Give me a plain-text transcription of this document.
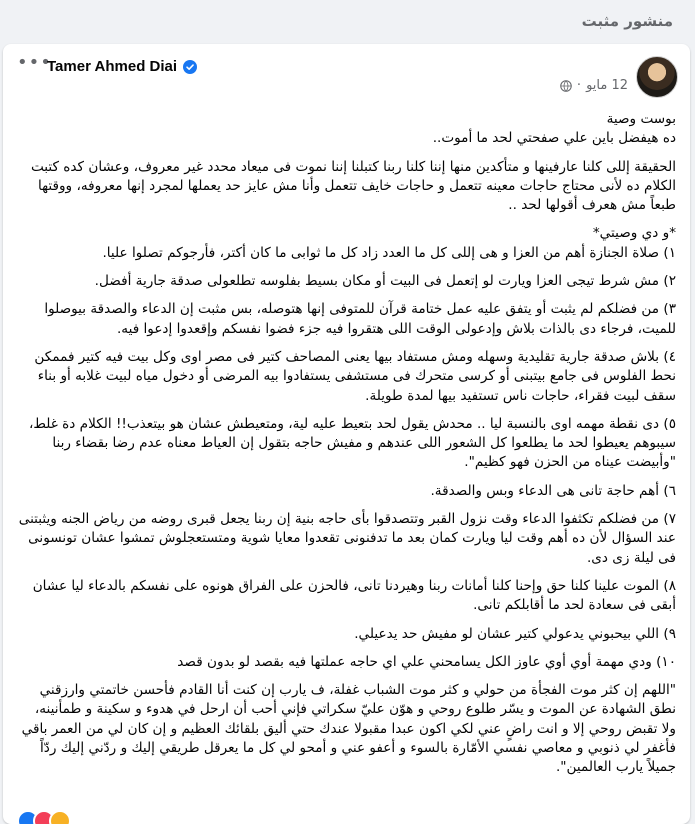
منشور مثبت
•••
Tamer Ahmed Diai
12 مايو
·

بوست وصية

ده هيفضل باين علي صفحتي لحد ما أموت..

الحقيقة إللى كلنا عارفينها و متأكدين منها إننا كلنا ربنا كتبلنا إننا نموت فى ميعاد محدد غير معروف، وعشان كده كتبت الكلام ده لأنى محتاج حاجات معينه تتعمل و حاجات خايف تتعمل وأنا مش عايز حد يعملها لمجرد إنها معروفه، ووقتها طبعاً مش هعرف أقولها لحد ..

*و دي وصيتي*

١) صلاة الجنازة أهم من العزا و هى إللى كل ما العدد زاد كل ما ثوابى ما كان أكتر، فأرجوكم تصلوا عليا.

٢) مش شرط تيجى العزا ويارت لو إتعمل فى البيت أو مكان بسيط بفلوسه تطلعولى صدقة جارية أفضل.

٣) من فضلكم لم يثبت أو يتفق عليه عمل ختامة قرآن للمتوفى إنها هتوصله، بس مثبت إن الدعاء والصدقة بيوصلوا للميت، فرجاء دى بالذات بلاش وإدعولى الوقت اللى هتقروا فيه جزء فضوا نفسكم وإقعدوا إدعوا فيه.

٤) بلاش صدقة جارية تقليدية وسهله ومش مستفاد بيها يعنى المصاحف كتير فى مصر اوى وكل بيت فيه كتير فممكن نحط الفلوس فى جامع بيتبنى أو كرسى متحرك فى مستشفى يستفادوا بيه المرضى أو دخول مياه لبيت غلابه أو بناء سقف لبيت فقراء، حاجات ناس تستفيد بيها لمدة طويلة.

٥) دى نقطة مهمه اوى بالنسبة ليا .. محدش يقول لحد بتعيط عليه لية، ومتعيطش عشان هو بيتعذب!! الكلام دة غلط، سيبوهم يعيطوا لحد ما يطلعوا كل الشعور اللى عندهم و مفيش حاجه بتقول إن العياط معناه عدم رضا بقضاء ربنا "وأبيضت عيناه من الحزن فهو كظيم".

٦) أهم حاجة تانى هى الدعاء وبس والصدقة.

٧) من فضلكم تكثفوا الدعاء وقت نزول القبر وتتصدقوا بأى حاجه بنية إن ربنا يجعل قبرى روضه من رياض الجنه ويثبتنى عند السؤال لأن ده أهم وقت ليا ويارت كمان بعد ما تدفنونى تقعدوا معايا شوية ومتستعجلوش تمشوا عشان تونسونى فى ليلة زى دى.

٨) الموت علينا كلنا حق وإحنا كلنا أمانات ربنا وهيردنا تانى، فالحزن على الفراق هونوه على نفسكم بالدعاء ليا عشان أبقى فى سعادة لحد ما أقابلكم تانى.

٩) اللي بيحبوني يدعولي كتير عشان لو مفيش حد يدعيلي.

١٠) ودي مهمة أوي أوي عاوز الكل يسامحني علي اي حاجه عملتها فيه بقصد لو بدون قصد

"اللهم إن كثر موت الفجأة من حولي و كثر موت الشباب غفلة، ف يارب إن كنت أنا القادم فأحسن خاتمتي وارزقني نطق الشهادة عن الموت و يسّر طلوع روحي و هوّن عليّ سكراتي فإني أحب أن ارحل في هدوء و سكينة و طمأنينه، ولا تقبض روحي إلا و انت راضٍ عني لكي اكون عبدا مقبولا عندك حتي أليق بلقائك العظيم و إن كان لي من العمر باقي فأغفر لي ذنوبي و معاصي نفسي الأمّارة بالسوء و أعفو عني و أمحو لي كل ما يعرقل طريقي إليك و ردّني إليك ردّاً جميلاً يارب العالمين".
